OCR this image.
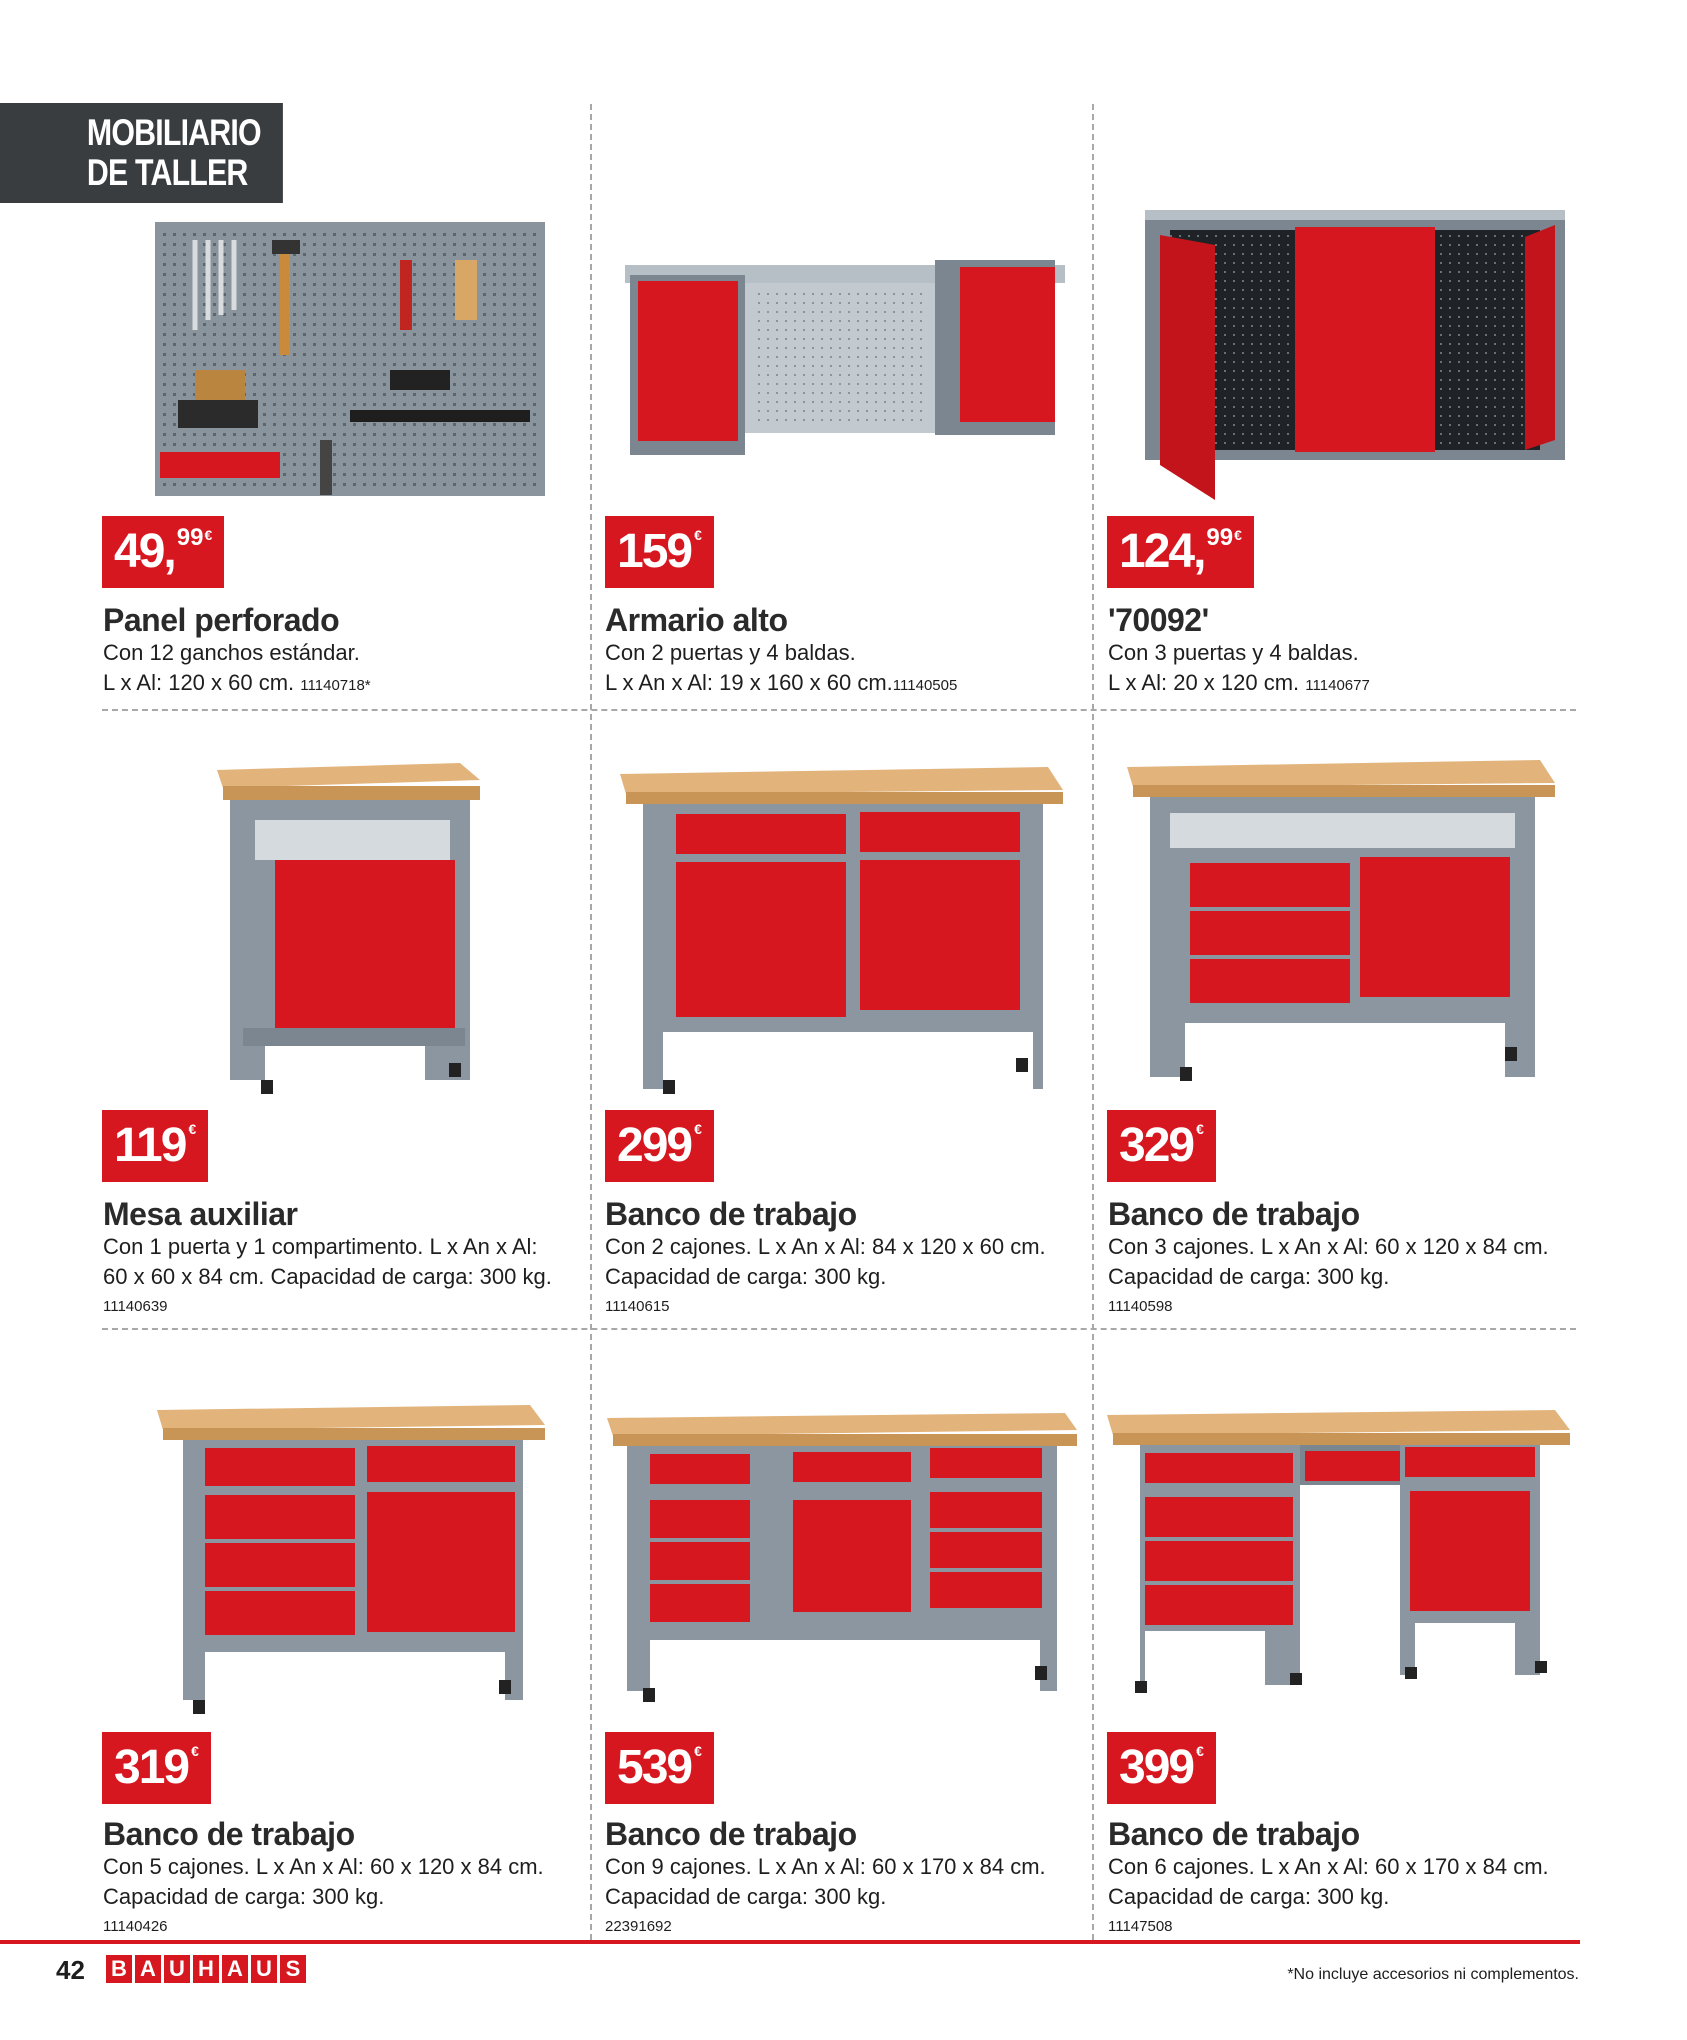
MOBILIARIO
DE TALLER
49, 99 €
Panel perforado
Con 12 ganchos estándar.
L x Al: 120 x 60 cm. 11140718*
159 €
Armario alto
Con 2 puertas y 4 baldas.
L x An x Al: 19 x 160 x 60 cm.11140505
124, 99 €
'70092'
Con 3 puertas y 4 baldas.
L x Al: 20 x 120 cm. 11140677
119 €
Mesa auxiliar
Con 1 puerta y 1 compartimento. L x An x Al:
60 x 60 x 84 cm. Capacidad de carga: 300 kg.
11140639
299 €
Banco de trabajo
Con 2 cajones. L x An x Al: 84 x 120 x 60 cm.
Capacidad de carga: 300 kg.
11140615
329 €
Banco de trabajo
Con 3 cajones. L x An x Al: 60 x 120 x 84 cm.
Capacidad de carga: 300 kg.
11140598
319 €
Banco de trabajo
Con 5 cajones. L x An x Al: 60 x 120 x 84 cm.
Capacidad de carga: 300 kg.
11140426
539 €
Banco de trabajo
Con 9 cajones. L x An x Al: 60 x 170 x 84 cm.
Capacidad de carga: 300 kg.
22391692
399 €
Banco de trabajo
Con 6 cajones. L x An x Al: 60 x 170 x 84 cm.
Capacidad de carga: 300 kg.
11147508
42 B A U H A U S	*No incluye accesorios ni complementos.
